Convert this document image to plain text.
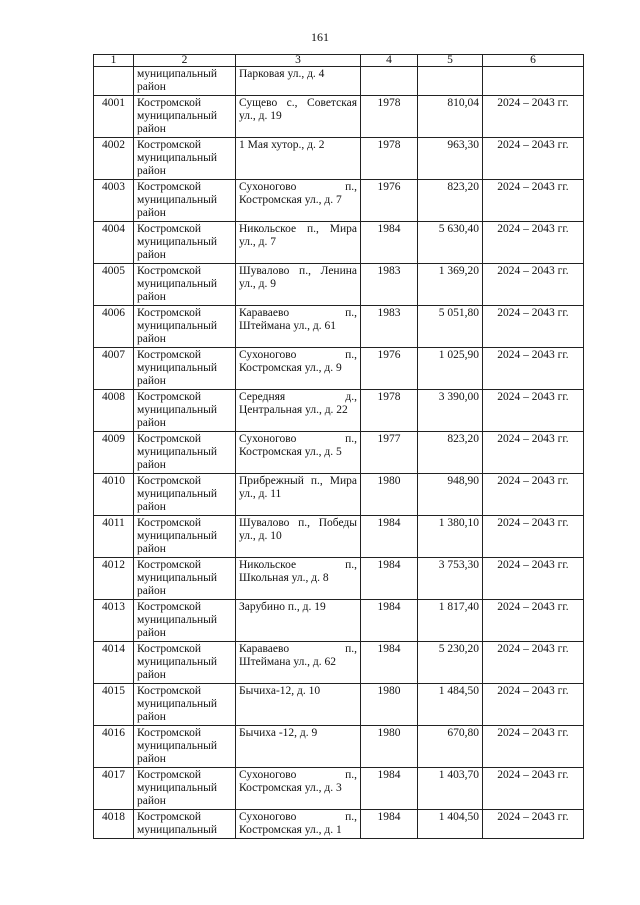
161
1	2	3	4	5	6
	муниципальный район	Парковая ул., д. 4			
4001	Костромской муниципальный район	Сущево с., Советская ул., д. 19	1978	810,04	2024 – 2043 гг.
4002	Костромской муниципальный район	1 Мая хутор., д. 2	1978	963,30	2024 – 2043 гг.
4003	Костромской муниципальный район	Сухоногово п., Костромская ул., д. 7	1976	823,20	2024 – 2043 гг.
4004	Костромской муниципальный район	Никольское п., Мира ул., д. 7	1984	5 630,40	2024 – 2043 гг.
4005	Костромской муниципальный район	Шувалово п., Ленина ул., д. 9	1983	1 369,20	2024 – 2043 гг.
4006	Костромской муниципальный район	Караваево п., Штеймана ул., д. 61	1983	5 051,80	2024 – 2043 гг.
4007	Костромской муниципальный район	Сухоногово п., Костромская ул., д. 9	1976	1 025,90	2024 – 2043 гг.
4008	Костромской муниципальный район	Середняя д., Центральная ул., д. 22	1978	3 390,00	2024 – 2043 гг.
4009	Костромской муниципальный район	Сухоногово п., Костромская ул., д. 5	1977	823,20	2024 – 2043 гг.
4010	Костромской муниципальный район	Прибрежный п., Мира ул., д. 11	1980	948,90	2024 – 2043 гг.
4011	Костромской муниципальный район	Шувалово п., Победы ул., д. 10	1984	1 380,10	2024 – 2043 гг.
4012	Костромской муниципальный район	Никольское п., Школьная ул., д. 8	1984	3 753,30	2024 – 2043 гг.
4013	Костромской муниципальный район	Зарубино п., д. 19	1984	1 817,40	2024 – 2043 гг.
4014	Костромской муниципальный район	Караваево п., Штеймана ул., д. 62	1984	5 230,20	2024 – 2043 гг.
4015	Костромской муниципальный район	Бычиха-12, д. 10	1980	1 484,50	2024 – 2043 гг.
4016	Костромской муниципальный район	Бычиха -12, д. 9	1980	670,80	2024 – 2043 гг.
4017	Костромской муниципальный район	Сухоногово п., Костромская ул., д. 3	1984	1 403,70	2024 – 2043 гг.
4018	Костромской муниципальный	Сухоногово п., Костромская ул., д. 1	1984	1 404,50	2024 – 2043 гг.
